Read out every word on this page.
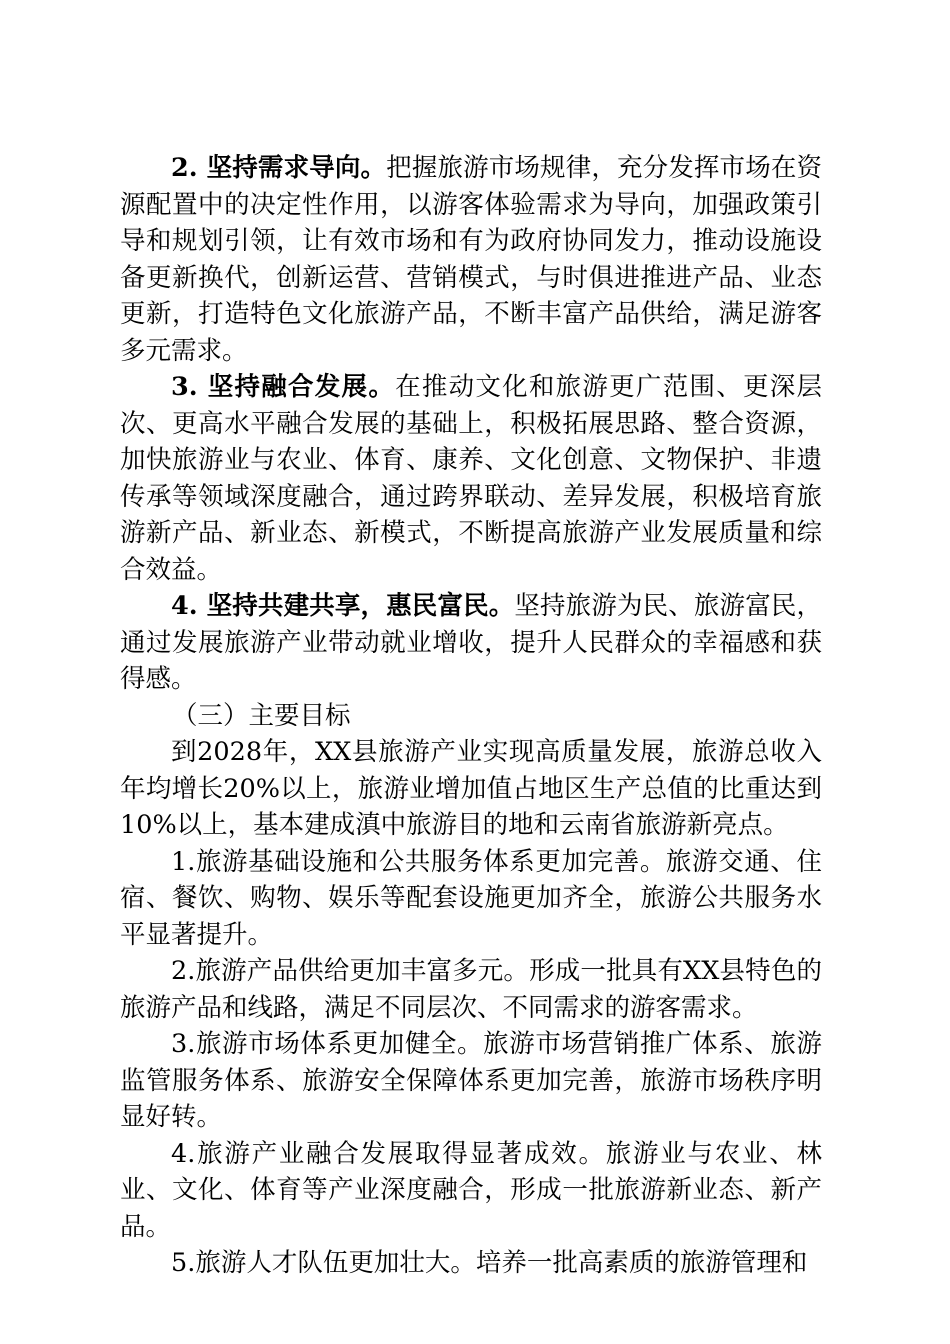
2. 坚持需求导向。把握旅游市场规律，充分发挥市场在资源配置中的决定性作用，以游客体验需求为导向，加强政策引导和规划引领，让有效市场和有为政府协同发力，推动设施设备更新换代，创新运营、营销模式，与时俱进推进产品、业态更新，打造特色文化旅游产品，不断丰富产品供给，满足游客多元需求。

3. 坚持融合发展。在推动文化和旅游更广范围、更深层次、更高水平融合发展的基础上，积极拓展思路、整合资源，加快旅游业与农业、体育、康养、文化创意、文物保护、非遗传承等领域深度融合，通过跨界联动、差异发展，积极培育旅游新产品、新业态、新模式，不断提高旅游产业发展质量和综合效益。

4. 坚持共建共享，惠民富民。坚持旅游为民、旅游富民，通过发展旅游产业带动就业增收，提升人民群众的幸福感和获得感。

（三）主要目标

到2028年，XX县旅游产业实现高质量发展，旅游总收入年均增长20%以上，旅游业增加值占地区生产总值的比重达到10%以上，基本建成滇中旅游目的地和云南省旅游新亮点。

1.旅游基础设施和公共服务体系更加完善。旅游交通、住宿、餐饮、购物、娱乐等配套设施更加齐全，旅游公共服务水平显著提升。

2.旅游产品供给更加丰富多元。形成一批具有XX县特色的旅游产品和线路，满足不同层次、不同需求的游客需求。

3.旅游市场体系更加健全。旅游市场营销推广体系、旅游监管服务体系、旅游安全保障体系更加完善，旅游市场秩序明显好转。

4.旅游产业融合发展取得显著成效。旅游业与农业、林业、文化、体育等产业深度融合，形成一批旅游新业态、新产品。

5.旅游人才队伍更加壮大。培养一批高素质的旅游管理和
